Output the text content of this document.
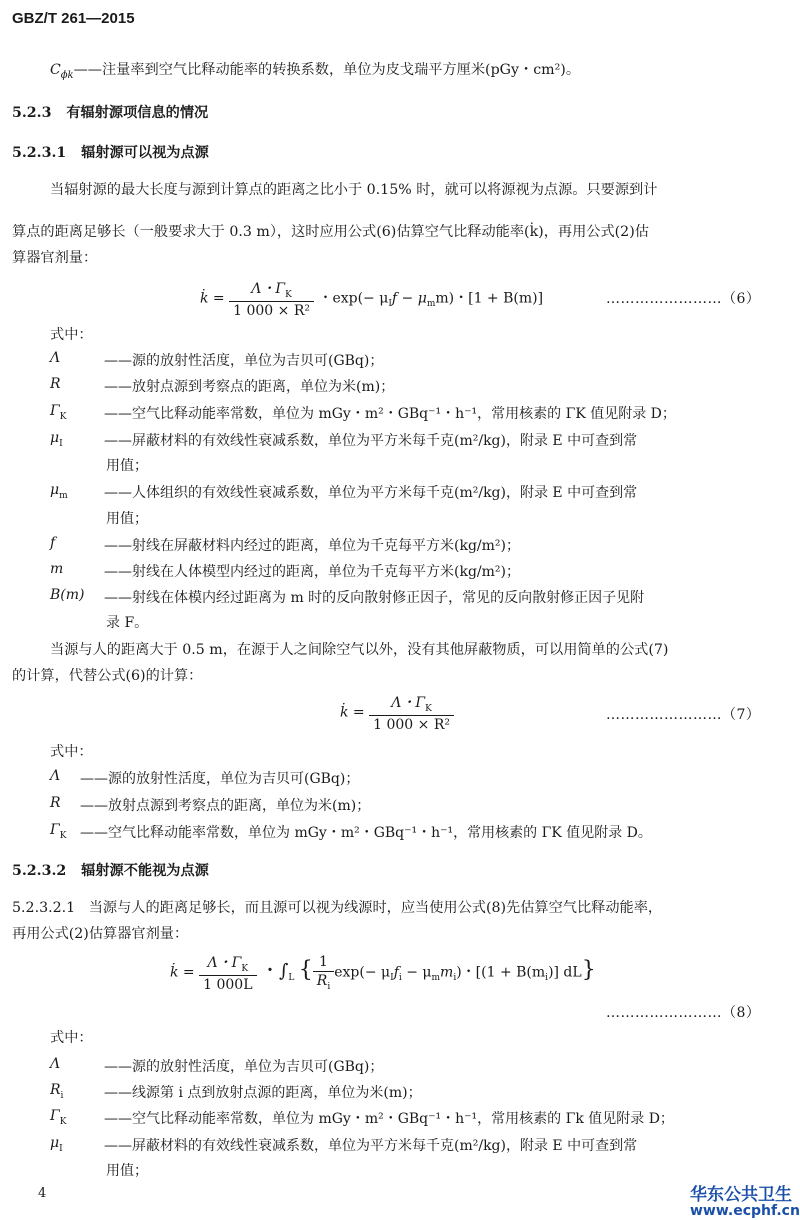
GBZ/T 261—2015
$C_{\phi k}——$注量率到空气比释动能率的转换系数，单位为皮戈瑞平方厘米(pGy・cm²)。
5.2.3 有辐射源项信息的情况
5.2.3.1 辐射源可以视为点源
当辐射源的最大长度与源到计算点的距离之比小于 0.15% 时，就可以将源视为点源。只要源到计
算点的距离足够长（一般要求大于 0.3 m），这时应用公式(6)估算空气比释动能率(k̇)，再用公式(2)估
算器官剂量：
k̇ = $\frac{\Lambda・\Gamma_K}{\text{1 000 × R²}}$ ・$\exp(- \mu_If - \mu_mm)$・[1 + B(m)]	……………………（6）
式中：
Λ	——源的放射性活度，单位为吉贝可(GBq)；
R	——放射点源到考察点的距离，单位为米(m)；
$\Gamma_K$	——空气比释动能率常数，单位为 mGy・m²・GBq⁻¹・h⁻¹，常用核素的 ΓK 值见附录 D；
$\mu_I$	——屏蔽材料的有效线性衰减系数，单位为平方米每千克(m²/kg)，附录 E 中可查到常
用值；
$\mu_m$	——人体组织的有效线性衰减系数，单位为平方米每千克(m²/kg)，附录 E 中可查到常
用值；
f	——射线在屏蔽材料内经过的距离，单位为千克每平方米(kg/m²)；
m	——射线在人体模型内经过的距离，单位为千克每平方米(kg/m²)；
B(m) ——射线在体模内经过距离为 m 时的反向散射修正因子，常见的反向散射修正因子见附
录 F。
当源与人的距离大于 0.5 m，在源于人之间除空气以外，没有其他屏蔽物质，可以用简单的公式(7)
的计算，代替公式(6)的计算：
k̇ = $\frac{\Lambda・\Gamma_K}{\text{1 000 × R²}}$	……………………（7）
式中：
Λ ——源的放射性活度，单位为吉贝可(GBq)；
R ——放射点源到考察点的距离，单位为米(m)；
$\Gamma_K$ ——空气比释动能率常数，单位为 mGy・m²・GBq⁻¹・h⁻¹，常用核素的 ΓK 值见附录 D。
5.2.3.2 辐射源不能视为点源
5.2.3.2.1 当源与人的距离足够长，而且源可以视为线源时，应当使用公式(8)先估算空气比释动能率，
再用公式(2)估算器官剂量：
k̇ = $\frac{\Lambda・\Gamma_K}{1 000L}$ ・$\int_L$ { $\frac{1}{R_i} \exp(- \mu_If_i - \mu_mm_i)$・[$(1 + B(m_i)]$ dL}
……………………（8）
式中：
Λ	——源的放射性活度，单位为吉贝可(GBq)；
$R_i$	——线源第 i 点到放射点源的距离，单位为米(m)；
$\Gamma_K$	——空气比释动能率常数，单位为 mGy・m²・GBq⁻¹・h⁻¹，常用核素的 Γk 值见附录 D；
$\mu_I$	——屏蔽材料的有效线性衰减系数，单位为平方米每千克(m²/kg)，附录 E 中可查到常
用值；
4	华东公共卫生
www.ecphf.cn
